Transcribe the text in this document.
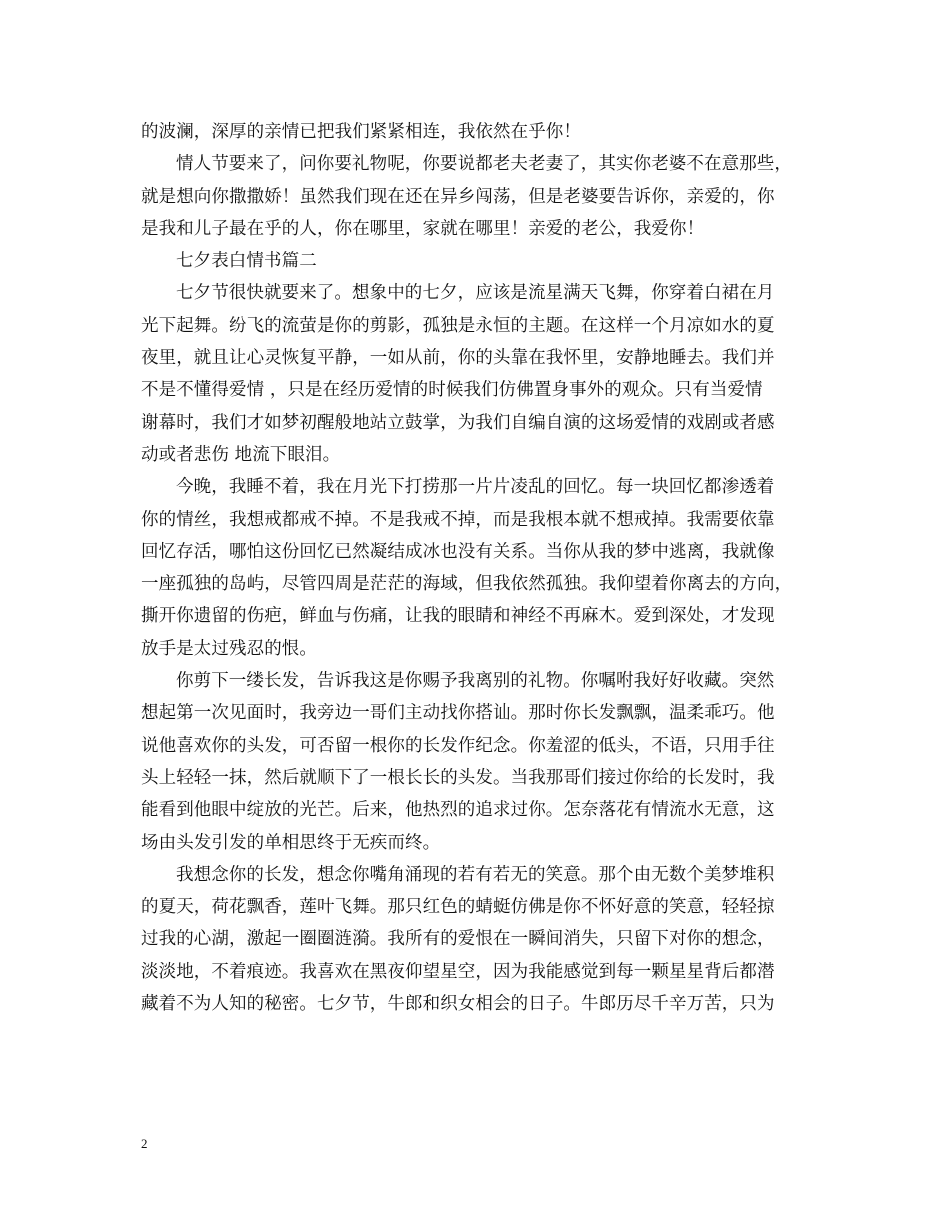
的波澜，深厚的亲情已把我们紧紧相连，我依然在乎你！
情人节要来了，问你要礼物呢，你要说都老夫老妻了，其实你老婆不在意那些，
就是想向你撒撒娇！虽然我们现在还在异乡闯荡，但是老婆要告诉你，亲爱的，你
是我和儿子最在乎的人，你在哪里，家就在哪里！亲爱的老公，我爱你！
七夕表白情书篇二
七夕节很快就要来了。想象中的七夕，应该是流星满天飞舞，你穿着白裙在月
光下起舞。纷飞的流萤是你的剪影，孤独是永恒的主题。在这样一个月凉如水的夏
夜里，就且让心灵恢复平静，一如从前，你的头靠在我怀里，安静地睡去。我们并
不是不懂得爱情 ，只是在经历爱情的时候我们仿佛置身事外的观众。只有当爱情
谢幕时，我们才如梦初醒般地站立鼓掌，为我们自编自演的这场爱情的戏剧或者感
动或者悲伤 地流下眼泪。
今晚，我睡不着，我在月光下打捞那一片片凌乱的回忆。每一块回忆都渗透着
你的情丝，我想戒都戒不掉。不是我戒不掉，而是我根本就不想戒掉。我需要依靠
回忆存活，哪怕这份回忆已然凝结成冰也没有关系。当你从我的梦中逃离，我就像
一座孤独的岛屿，尽管四周是茫茫的海域，但我依然孤独。我仰望着你离去的方向，
撕开你遗留的伤疤，鲜血与伤痛，让我的眼睛和神经不再麻木。爱到深处，才发现
放手是太过残忍的恨。
你剪下一缕长发，告诉我这是你赐予我离别的礼物。你嘱咐我好好收藏。突然
想起第一次见面时，我旁边一哥们主动找你搭讪。那时你长发飘飘，温柔乖巧。他
说他喜欢你的头发，可否留一根你的长发作纪念。你羞涩的低头，不语，只用手往
头上轻轻一抹，然后就顺下了一根长长的头发。当我那哥们接过你给的长发时，我
能看到他眼中绽放的光芒。后来，他热烈的追求过你。怎奈落花有情流水无意，这
场由头发引发的单相思终于无疾而终。
我想念你的长发，想念你嘴角涌现的若有若无的笑意。那个由无数个美梦堆积
的夏天，荷花飘香，莲叶飞舞。那只红色的蜻蜓仿佛是你不怀好意的笑意，轻轻掠
过我的心湖，激起一圈圈涟漪。我所有的爱恨在一瞬间消失，只留下对你的想念，
淡淡地，不着痕迹。我喜欢在黑夜仰望星空，因为我能感觉到每一颗星星背后都潜
藏着不为人知的秘密。七夕节，牛郎和织女相会的日子。牛郎历尽千辛万苦，只为
2
